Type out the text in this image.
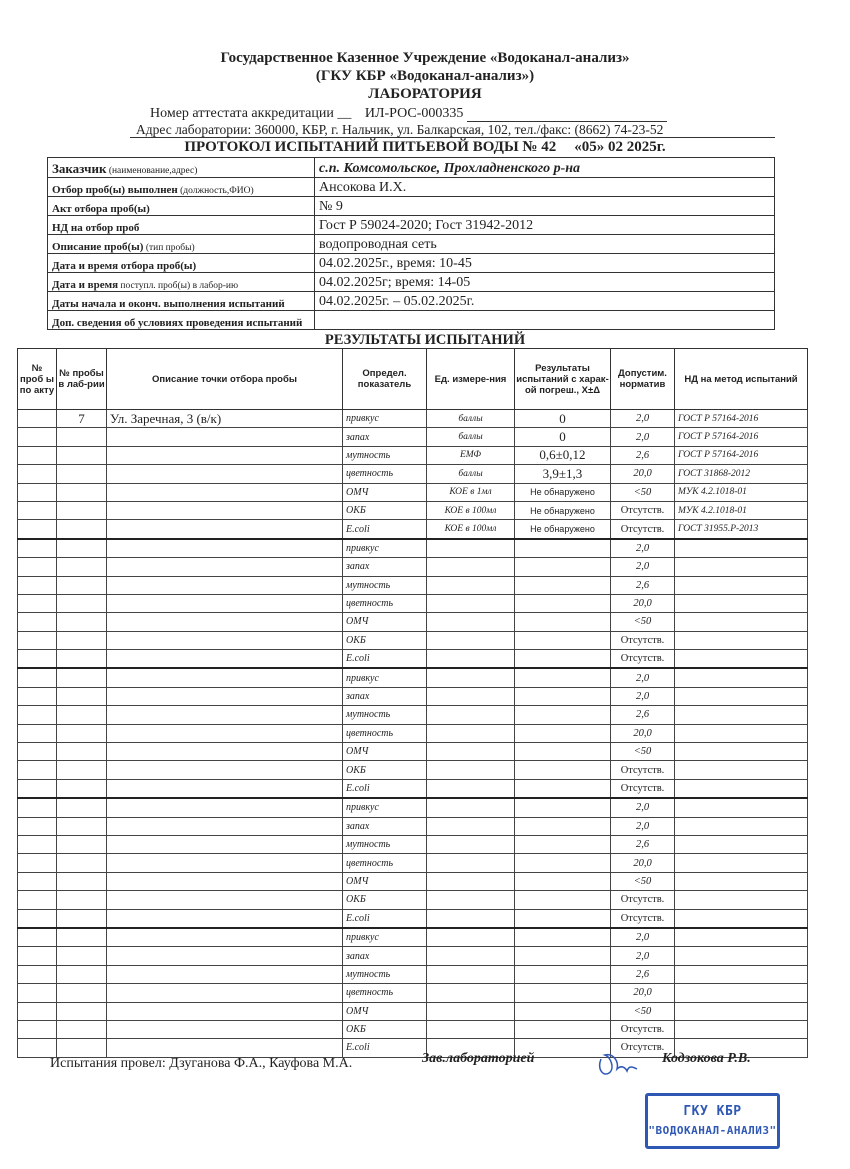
Государственное Казенное Учреждение «Водоканал-анализ»
(ГКУ КБР «Водоканал-анализ»)
ЛАБОРАТОРИЯ
Номер аттестата аккредитации __ ИЛ-РОС-000335
Адрес лаборатории: 360000, КБР, г. Нальчик, ул. Балкарская, 102, тел./факс: (8662) 74-23-52
ПРОТОКОЛ ИСПЫТАНИЙ ПИТЬЕВОЙ ВОДЫ № 42 «05» 02 2025г.
Заказчик (наименование,адрес)	с.п. Комсомольское, Прохладненского р-на
Отбор проб(ы) выполнен (должность,ФИО)	Ансокова И.Х.
Акт отбора проб(ы)	№ 9
НД на отбор проб	Гост Р 59024-2020; Гост 31942-2012
Описание проб(ы) (тип пробы)	водопроводная сеть
Дата и время отбора проб(ы)	04.02.2025г., время: 10-45
Дата и время поступл. проб(ы) в лабор-ию	04.02.2025г; время: 14-05
Даты начала и оконч. выполнения испытаний	04.02.2025г. – 05.02.2025г.
Доп. сведения об условиях проведения испытаний	
РЕЗУЛЬТАТЫ ИСПЫТАНИЙ
№ проб ы по акту	№ пробы в лаб-рии	Описание точки отбора пробы	Определ. показатель	Ед. измере-ния	Результаты испытаний с харак-ой погреш., Х±Δ	Допустим. норматив	НД на метод испытаний
	7	Ул. Заречная, 3 (в/к)	привкус	баллы	0	2,0	ГОСТ Р 57164-2016
			запах	баллы	0	2,0	ГОСТ Р 57164-2016
			мутность	ЕМФ	0,6±0,12	2,6	ГОСТ Р 57164-2016
			цветность	баллы	3,9±1,3	20,0	ГОСТ 31868-2012
			ОМЧ	КОЕ в 1мл	Не обнаружено	<50	МУК 4.2.1018-01
			ОКБ	КОЕ в 100мл	Не обнаружено	Отсутств.	МУК 4.2.1018-01
			E.coli	КОЕ в 100мл	Не обнаружено	Отсутств.	ГОСТ 31955.Р-2013
			привкус			2,0	
			запах			2,0	
			мутность			2,6	
			цветность			20,0	
			ОМЧ			<50	
			ОКБ			Отсутств.	
			E.coli			Отсутств.	
			привкус			2,0	
			запах			2,0	
			мутность			2,6	
			цветность			20,0	
			ОМЧ			<50	
			ОКБ			Отсутств.	
			E.coli			Отсутств.	
			привкус			2,0	
			запах			2,0	
			мутность			2,6	
			цветность			20,0	
			ОМЧ			<50	
			ОКБ			Отсутств.	
			E.coli			Отсутств.	
			привкус			2,0	
			запах			2,0	
			мутность			2,6	
			цветность			20,0	
			ОМЧ			<50	
			ОКБ			Отсутств.	
			E.coli			Отсутств.	
Испытания провел: Дзуганова Ф.А., Кауфова М.А.	Зав.лабораторией	Кодзокова Р.В.
ГКУ КБР
"ВОДОКАНАЛ-АНАЛИЗ"
